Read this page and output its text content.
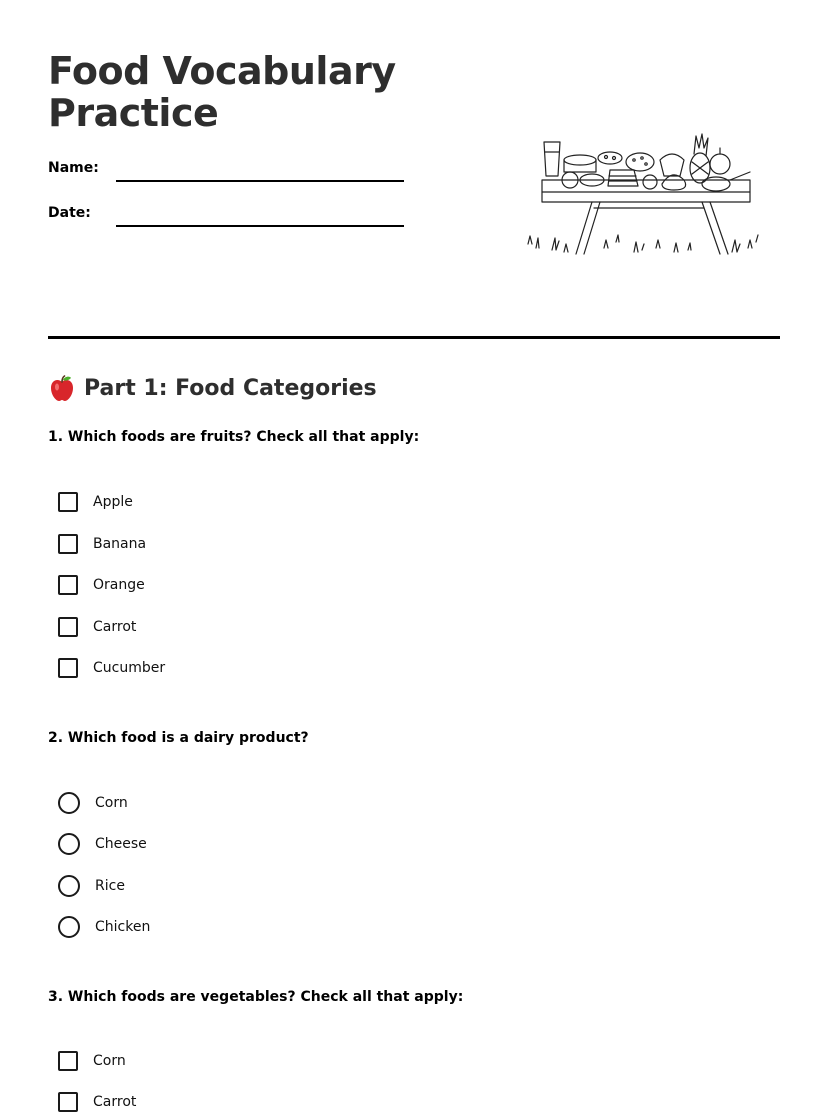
Food Vocabulary
Practice
Name:
Date:
Part 1: Food Categories
1. Which foods are fruits? Check all that apply:
Apple
Banana
Orange
Carrot
Cucumber
2. Which food is a dairy product?
Corn
Cheese
Rice
Chicken
3. Which foods are vegetables? Check all that apply:
Corn
Carrot
